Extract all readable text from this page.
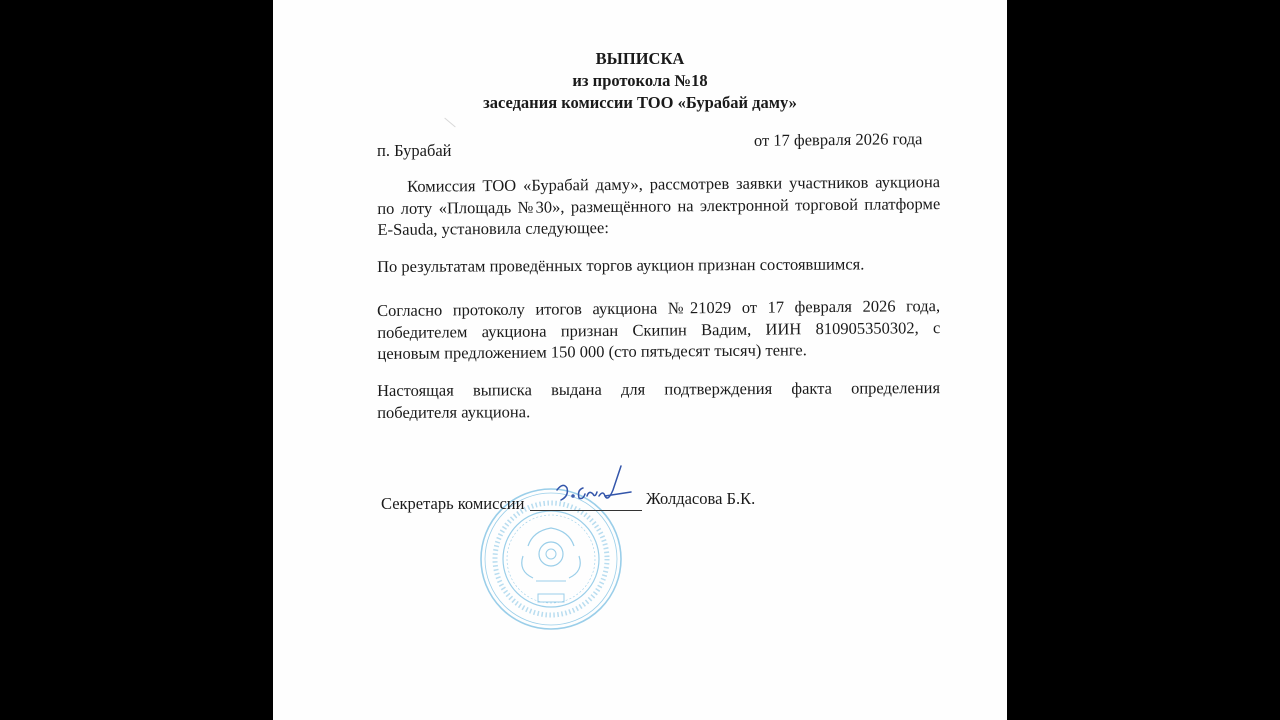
ВЫПИСКА
из протокола №18
заседания комиссии ТОО «Бурабай даму»
п. Бурабай
от 17 февраля 2026 года
Комиссия ТОО «Бурабай даму», рассмотрев заявки участников аукциона
по лоту «Площадь №30», размещённого на электронной торговой платформе
E-Sauda, установила следующее:
По результатам проведённых торгов аукцион признан состоявшимся.
Согласно протоколу итогов аукциона №21029 от 17 февраля 2026 года,
победителем аукциона признан Скипин Вадим, ИИН 810905350302, с
ценовым предложением 150 000 (сто пятьдесят тысяч) тенге.
Настоящая выписка выдана для подтверждения факта определения
победителя аукциона.
Секретарь комиссии	Жолдасова Б.К.
